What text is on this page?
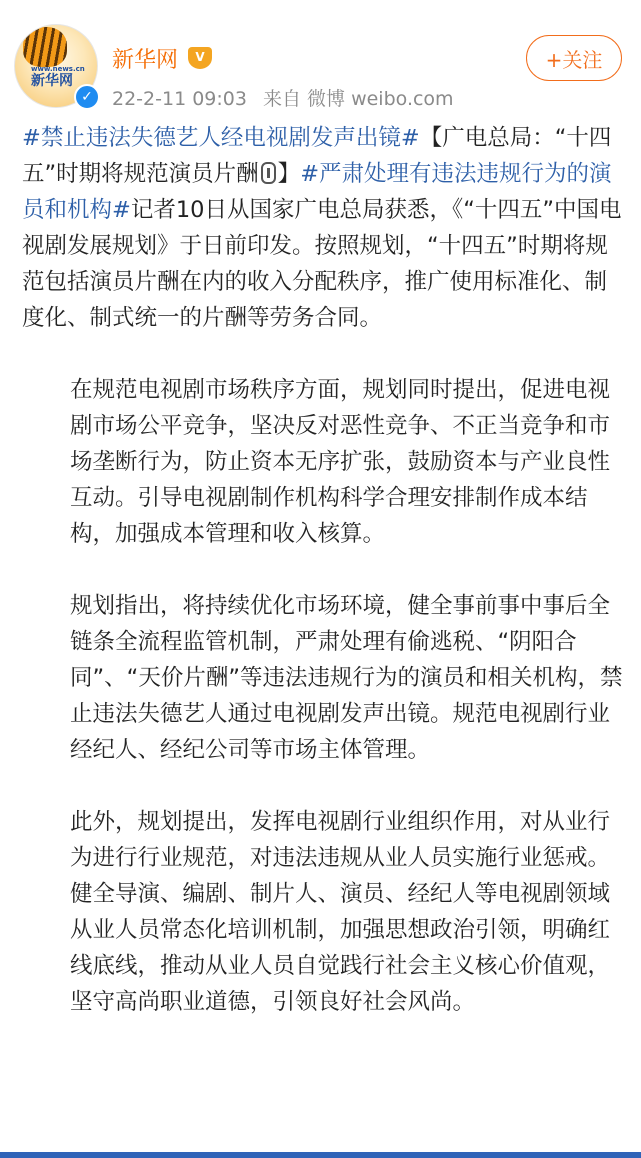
www.news.cn
新华网
✓
新华网	V
22-2-11 09:03 来自 微博 weibo.com
+关注

#禁止违法失德艺人经电视剧发声出镜#【广电总局：“十四五”时期将规范演员片酬 】#严肃处理有违法违规行为的演员和机构#记者10日从国家广电总局获悉，《“十四五”中国电视剧发展规划》于日前印发。按照规划，“十四五”时期将规范包括演员片酬在内的收入分配秩序，推广使用标准化、制度化、制式统一的片酬等劳务合同。

在规范电视剧市场秩序方面，规划同时提出，促进电视剧市场公平竞争，坚决反对恶性竞争、不正当竞争和市场垄断行为，防止资本无序扩张，鼓励资本与产业良性互动。引导电视剧制作机构科学合理安排制作成本结构，加强成本管理和收入核算。

规划指出，将持续优化市场环境，健全事前事中事后全链条全流程监管机制，严肃处理有偷逃税、“阴阳合同”、“天价片酬”等违法违规行为的演员和相关机构，禁止违法失德艺人通过电视剧发声出镜。规范电视剧行业经纪人、经纪公司等市场主体管理。

此外，规划提出，发挥电视剧行业组织作用，对从业行为进行行业规范，对违法违规从业人员实施行业惩戒。健全导演、编剧、制片人、演员、经纪人等电视剧领域从业人员常态化培训机制，加强思想政治引领，明确红线底线，推动从业人员自觉践行社会主义核心价值观，坚守高尚职业道德，引领良好社会风尚。
